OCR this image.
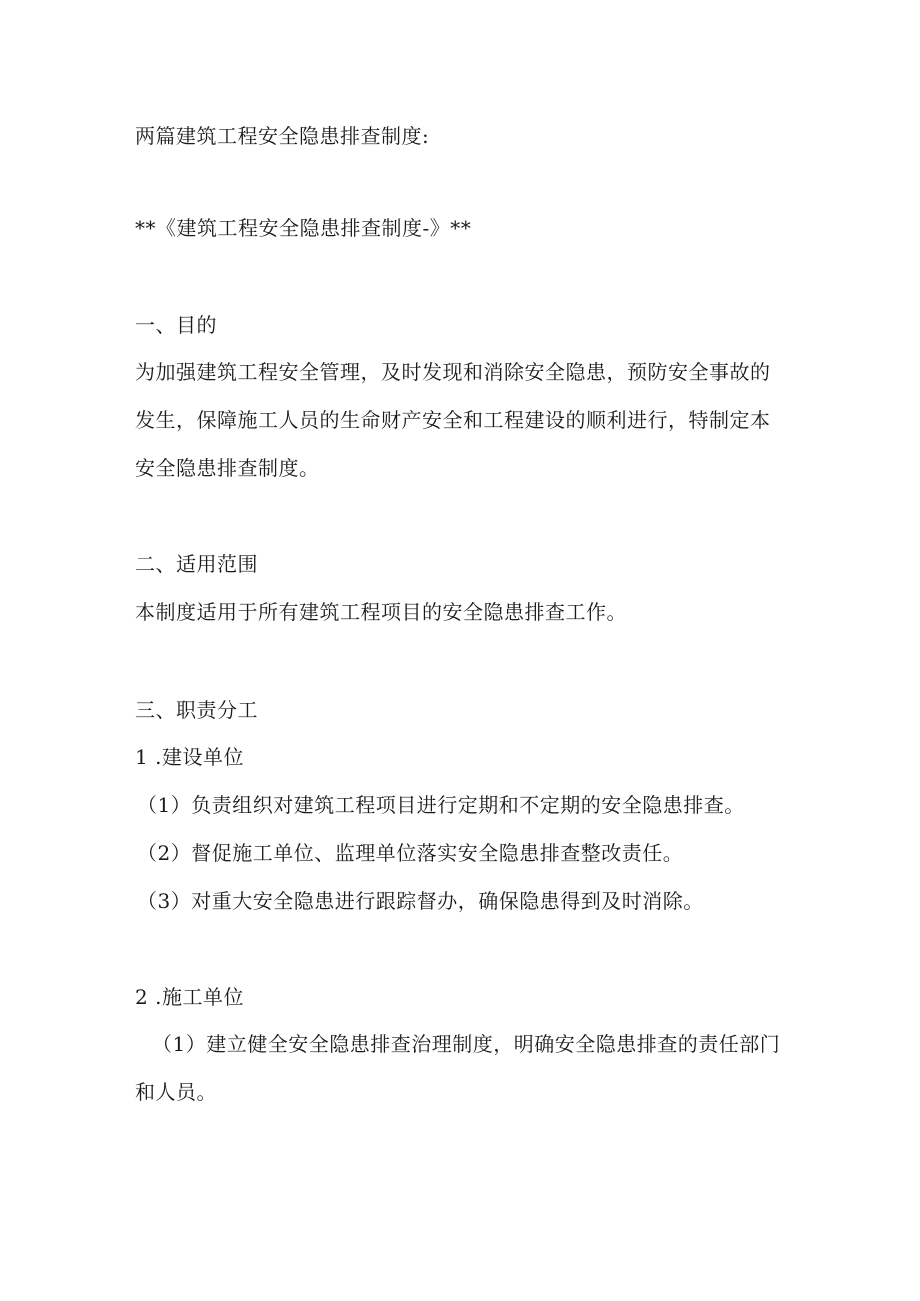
两篇建筑工程安全隐患排查制度:
**《建筑工程安全隐患排查制度-》**
一、目的
为加强建筑工程安全管理，及时发现和消除安全隐患，预防安全事故的
发生，保障施工人员的生命财产安全和工程建设的顺利进行，特制定本
安全隐患排查制度。
二、适用范围
本制度适用于所有建筑工程项目的安全隐患排查工作。
三、职责分工
1 .建设单位
（1）负责组织对建筑工程项目进行定期和不定期的安全隐患排查。
（2）督促施工单位、监理单位落实安全隐患排查整改责任。
（3）对重大安全隐患进行跟踪督办，确保隐患得到及时消除。
2 .施工单位
（1）建立健全安全隐患排查治理制度，明确安全隐患排查的责任部门
和人员。
